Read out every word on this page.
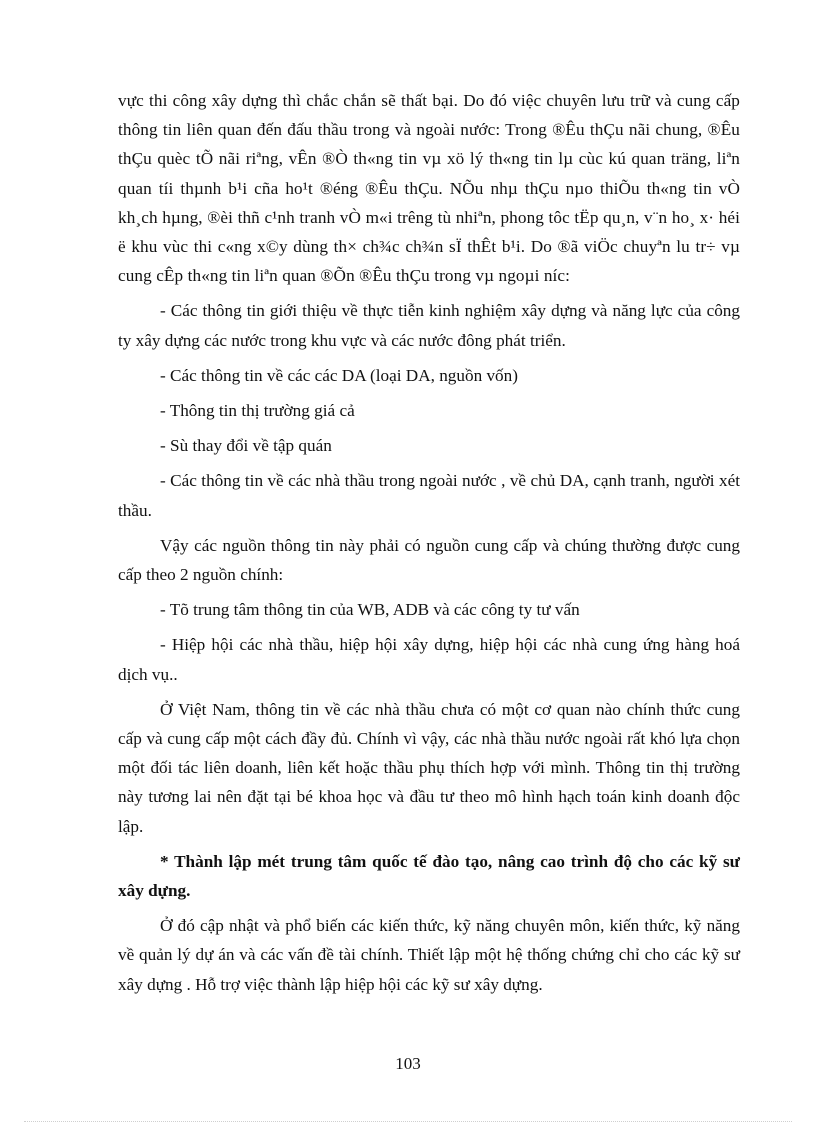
vực thi công xây dựng thì chắc chắn sẽ thất bại. Do đó việc chuyên lưu trữ và cung cấp thông tin liên quan đến đấu thầu trong và ngoài nước: Trong ®Êu thÇu nãi chung, ®Êu thÇu quèc tÕ nãi riªng, vÊn ®Ò th«ng tin vµ xö lý th«ng tin lµ cùc kú quan träng, liªn quan tíi thµnh b¹i cña ho¹t ®éng ®Êu thÇu. NÕu nhµ thÇu nµo thiÕu th«ng tin vÒ kh¸ch hµng, ®èi thñ c¹nh tranh vÒ m«i trêng tù nhiªn, phong tôc tËp qu¸n, v¨n ho¸ x· héi ë khu vùc thi c«ng x©y dùng th× ch¾c ch¾n sÏ thÊt b¹i. Do ®ã viÖc chuyªn lu tr÷ vµ cung cÊp th«ng tin liªn quan ®Õn ®Êu thÇu trong vµ ngoµi níc:

- Các thông tin giới thiệu về thực tiễn kinh nghiệm xây dựng và năng lực của công ty xây dựng các nước trong khu vực và các nước đông phát triển.

- Các thông tin về các các DA (loại DA, nguồn vốn)

- Thông tin thị trường giá cả

- Sù thay đổi về tập quán

- Các thông tin về các nhà thầu trong ngoài nước , về chủ DA, cạnh tranh, người xét thầu.

Vậy các nguồn thông tin này phải có nguồn cung cấp và chúng thường được cung cấp theo 2 nguồn chính:

- Tõ trung tâm thông tin của WB, ADB và các công ty tư vấn

- Hiệp hội các nhà thầu, hiệp hội xây dựng, hiệp hội các nhà cung ứng hàng hoá dịch vụ..

Ở Việt Nam, thông tin về các nhà thầu chưa có một cơ quan nào chính thức cung cấp và cung cấp một cách đầy đủ. Chính vì vậy, các nhà thầu nước ngoài rất khó lựa chọn một đối tác liên doanh, liên kết hoặc thầu phụ thích hợp với mình. Thông tin thị trường này tương lai nên đặt tại bé khoa học và đầu tư theo mô hình hạch toán kinh doanh độc lập.

* Thành lập mét trung tâm quốc tế đào tạo, nâng cao trình độ cho các kỹ sư xây dựng.

Ở đó cập nhật và phổ biến các kiến thức, kỹ năng chuyên môn, kiến thức, kỹ năng về quản lý dự án và các vấn đề tài chính. Thiết lập một hệ thống chứng chỉ cho các kỹ sư xây dựng . Hỗ trợ việc thành lập hiệp hội các kỹ sư xây dựng.

103
